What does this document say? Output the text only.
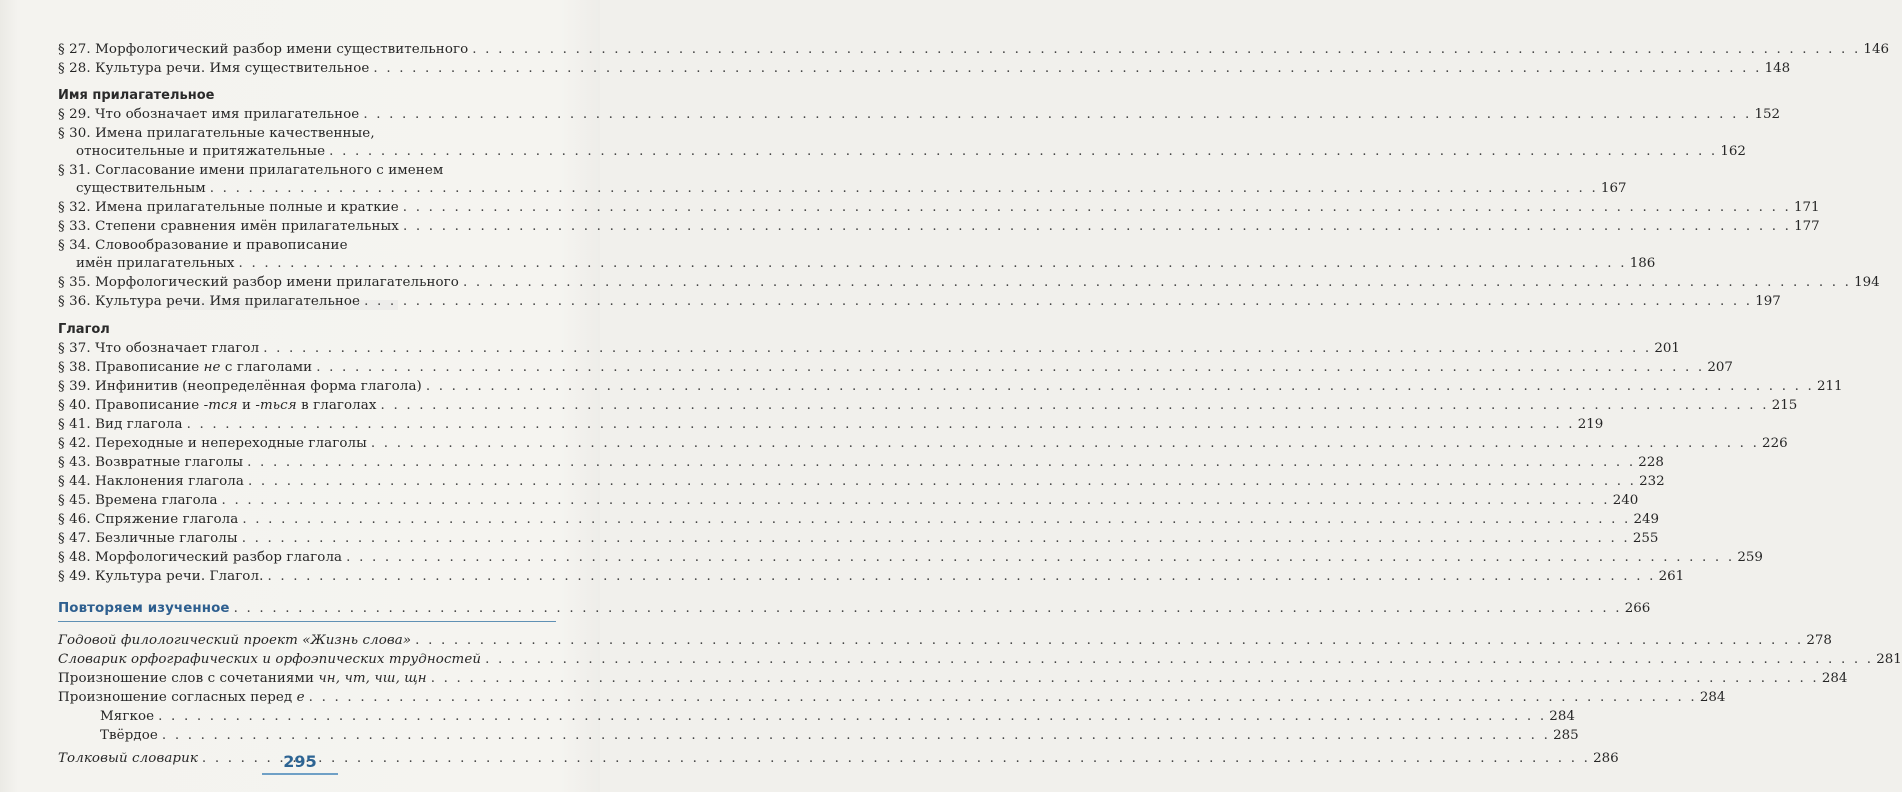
§ 27. Морфологический разбор имени существительного . . .	146
§ 28. Культура речи. Имя существительное . . .	148
Имя прилагательное
§ 29. Что обозначает имя прилагательное . . .	152
§ 30. Имена прилагательные качественные,
относительные и притяжательные . . .	162
§ 31. Согласование имени прилагательного с именем
существительным . . .	167
§ 32. Имена прилагательные полные и краткие . . .	171
§ 33. Степени сравнения имён прилагательных . . .	177
§ 34. Словообразование и правописание
имён прилагательных . . .	186
§ 35. Морфологический разбор имени прилагательного . . .	194
§ 36. Культура речи. Имя прилагательное . . .	197
Глагол
§ 37. Что обозначает глагол . . .	201
§ 38. Правописание не с глаголами . . .	207
§ 39. Инфинитив (неопределённая форма глагола) . . .	211
§ 40. Правописание -тся и -ться в глаголах . . .	215
§ 41. Вид глагола . . .	219
§ 42. Переходные и непереходные глаголы . . .	226
§ 43. Возвратные глаголы . . .	228
§ 44. Наклонения глагола . . .	232
§ 45. Времена глагола . . .	240
§ 46. Спряжение глагола . . .	249
§ 47. Безличные глаголы . . .	255
§ 48. Морфологический разбор глагола . . .	259
§ 49. Культура речи. Глагол. . . .	261
Повторяем изученное . . .	266
Годовой филологический проект «Жизнь слова» . . .	278
Словарик орфографических и орфоэпических трудностей . . .	281
Произношение слов с сочетаниями чн, чт, чш, щн . . .	284
Произношение согласных перед е . . .	284
Мягкое . . .	284
Твёрдое . . .	285
Толковый словарик . . .	286
295
